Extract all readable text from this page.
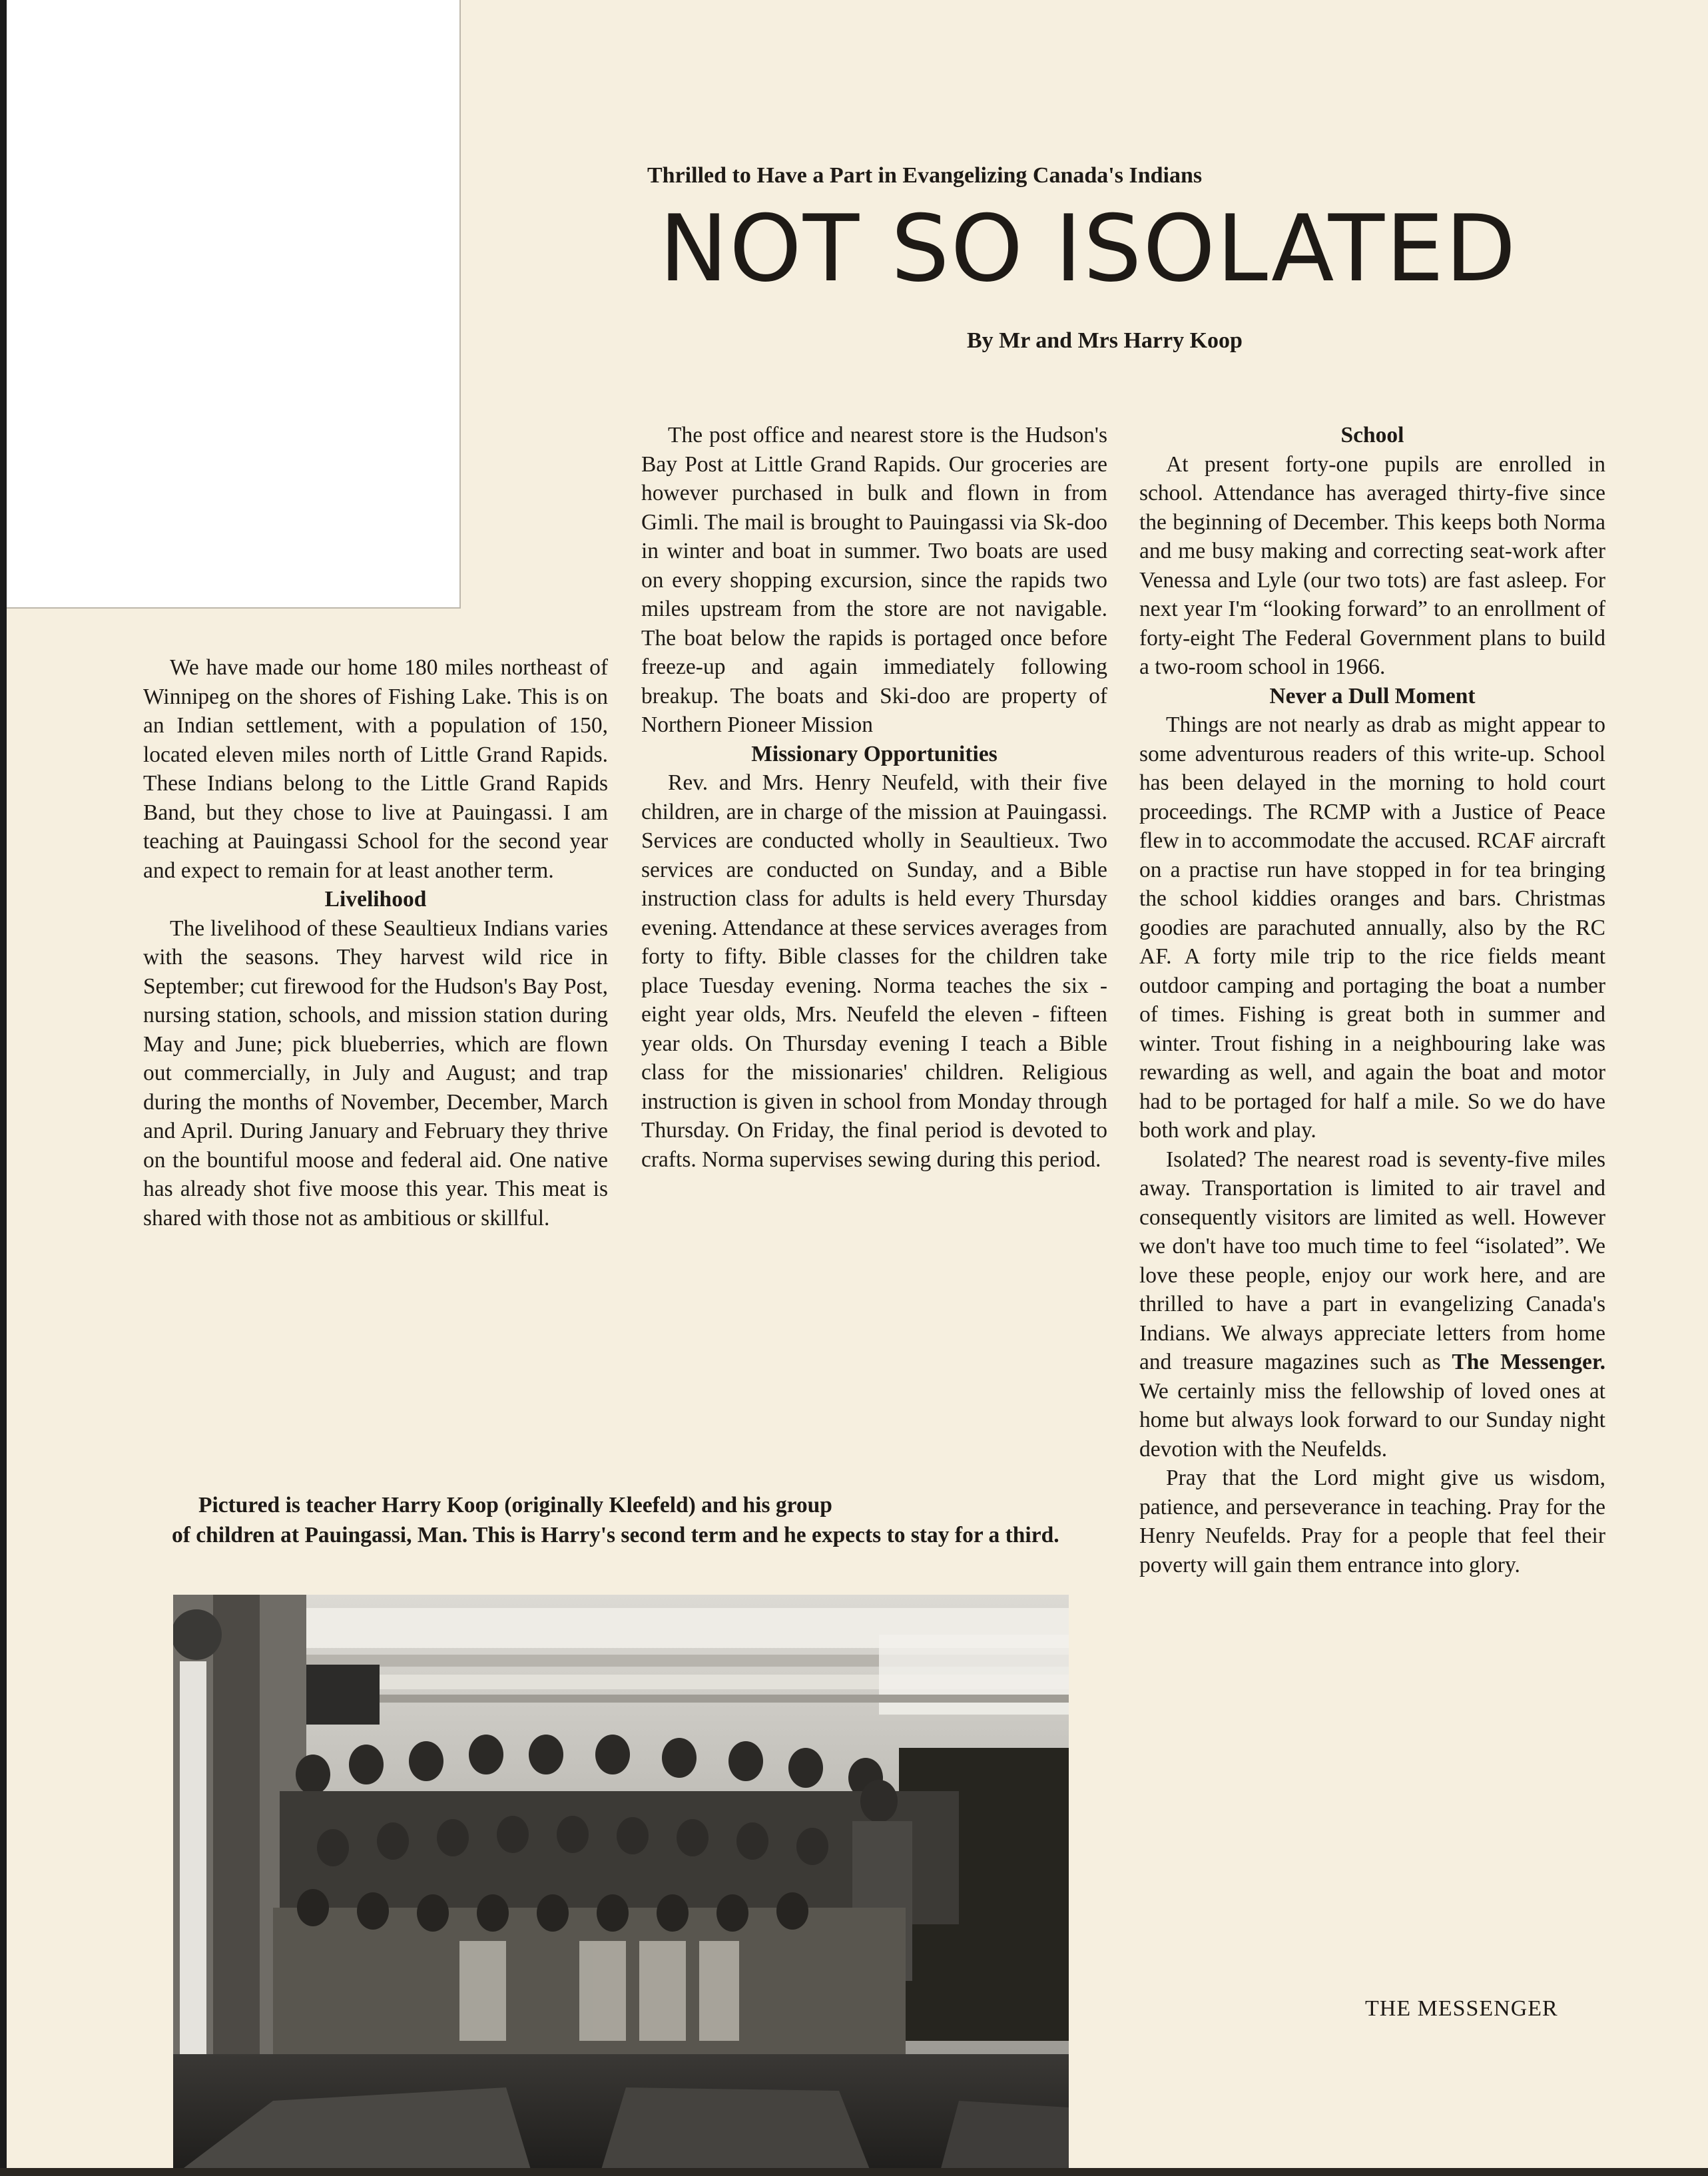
Thrilled to Have a Part in Evangelizing Canada's Indians
NOT SO ISOLATED
By Mr and Mrs Harry Koop

We have made our home 180 miles northeast of Winnipeg on the shores of Fishing Lake. This is on an Indian settlement, with a population of 150, located eleven miles north of Little Grand Rapids. These Indians belong to the Little Grand Rapids Band, but they chose to live at Pauingassi. I am teaching at Pauingassi School for the second year and expect to remain for at least another term.

Livelihood

The livelihood of these Seaultieux Indians varies with the seasons. They harvest wild rice in September; cut firewood for the Hudson's Bay Post, nursing station, schools, and mission station during May and June; pick blueberries, which are flown out commercially, in July and August; and trap during the months of November, December, March and April. During January and February they thrive on the bountiful moose and federal aid. One native has already shot five moose this year. This meat is shared with those not as ambitious or skillful.

The post office and nearest store is the Hudson's Bay Post at Little Grand Rapids. Our groceries are however purchased in bulk and flown in from Gimli. The mail is brought to Pauingassi via Sk-doo in winter and boat in summer. Two boats are used on every shopping excursion, since the rapids two miles upstream from the store are not navigable. The boat below the rapids is portaged once before freeze-up and again immediately following breakup. The boats and Ski-doo are property of Northern Pioneer Mission

Missionary Opportunities

Rev. and Mrs. Henry Neufeld, with their five children, are in charge of the mission at Pauingassi. Services are conducted wholly in Seaultieux. Two services are conducted on Sunday, and a Bible instruction class for adults is held every Thursday evening. Attendance at these services averages from forty to fifty. Bible classes for the children take place Tuesday evening. Norma teaches the six - eight year olds, Mrs. Neufeld the eleven - fifteen year olds. On Thursday evening I teach a Bible class for the missionaries' children. Religious instruction is given in school from Monday through Thursday. On Friday, the final period is devoted to crafts. Norma supervises sewing during this period.

School

At present forty-one pupils are enrolled in school. Attendance has averaged thirty-five since the beginning of December. This keeps both Norma and me busy making and correcting seat-work after Venessa and Lyle (our two tots) are fast asleep. For next year I'm “looking forward” to an enrollment of forty-eight The Federal Government plans to build a two-room school in 1966.

Never a Dull Moment

Things are not nearly as drab as might appear to some adventurous readers of this write-up. School has been delayed in the morning to hold court proceedings. The RCMP with a Justice of Peace flew in to accommodate the accused. RCAF aircraft on a practise run have stopped in for tea bringing the school kiddies oranges and bars. Christmas goodies are parachuted annually, also by the RC AF. A forty mile trip to the rice fields meant outdoor camping and portaging the boat a number of times. Fishing is great both in summer and winter. Trout fishing in a neighbouring lake was rewarding as well, and again the boat and motor had to be portaged for half a mile. So we do have both work and play.

Isolated? The nearest road is seventy-five miles away. Transportation is limited to air travel and consequently visitors are limited as well. However we don't have too much time to feel “isolated”. We love these people, enjoy our work here, and are thrilled to have a part in evangelizing Canada's Indians. We always appreciate letters from home and treasure magazines such as The Messenger. We certainly miss the fellowship of loved ones at home but always look forward to our Sunday night devotion with the Neufelds.

Pray that the Lord might give us wisdom, patience, and perseverance in teaching. Pray for the Henry Neufelds. Pray for a people that feel their poverty will gain them entrance into glory.

Pictured is teacher Harry Koop (originally Kleefeld) and his group
of children at Pauingassi, Man. This is Harry's second term and he expects to stay for a third.
THE MESSENGER
